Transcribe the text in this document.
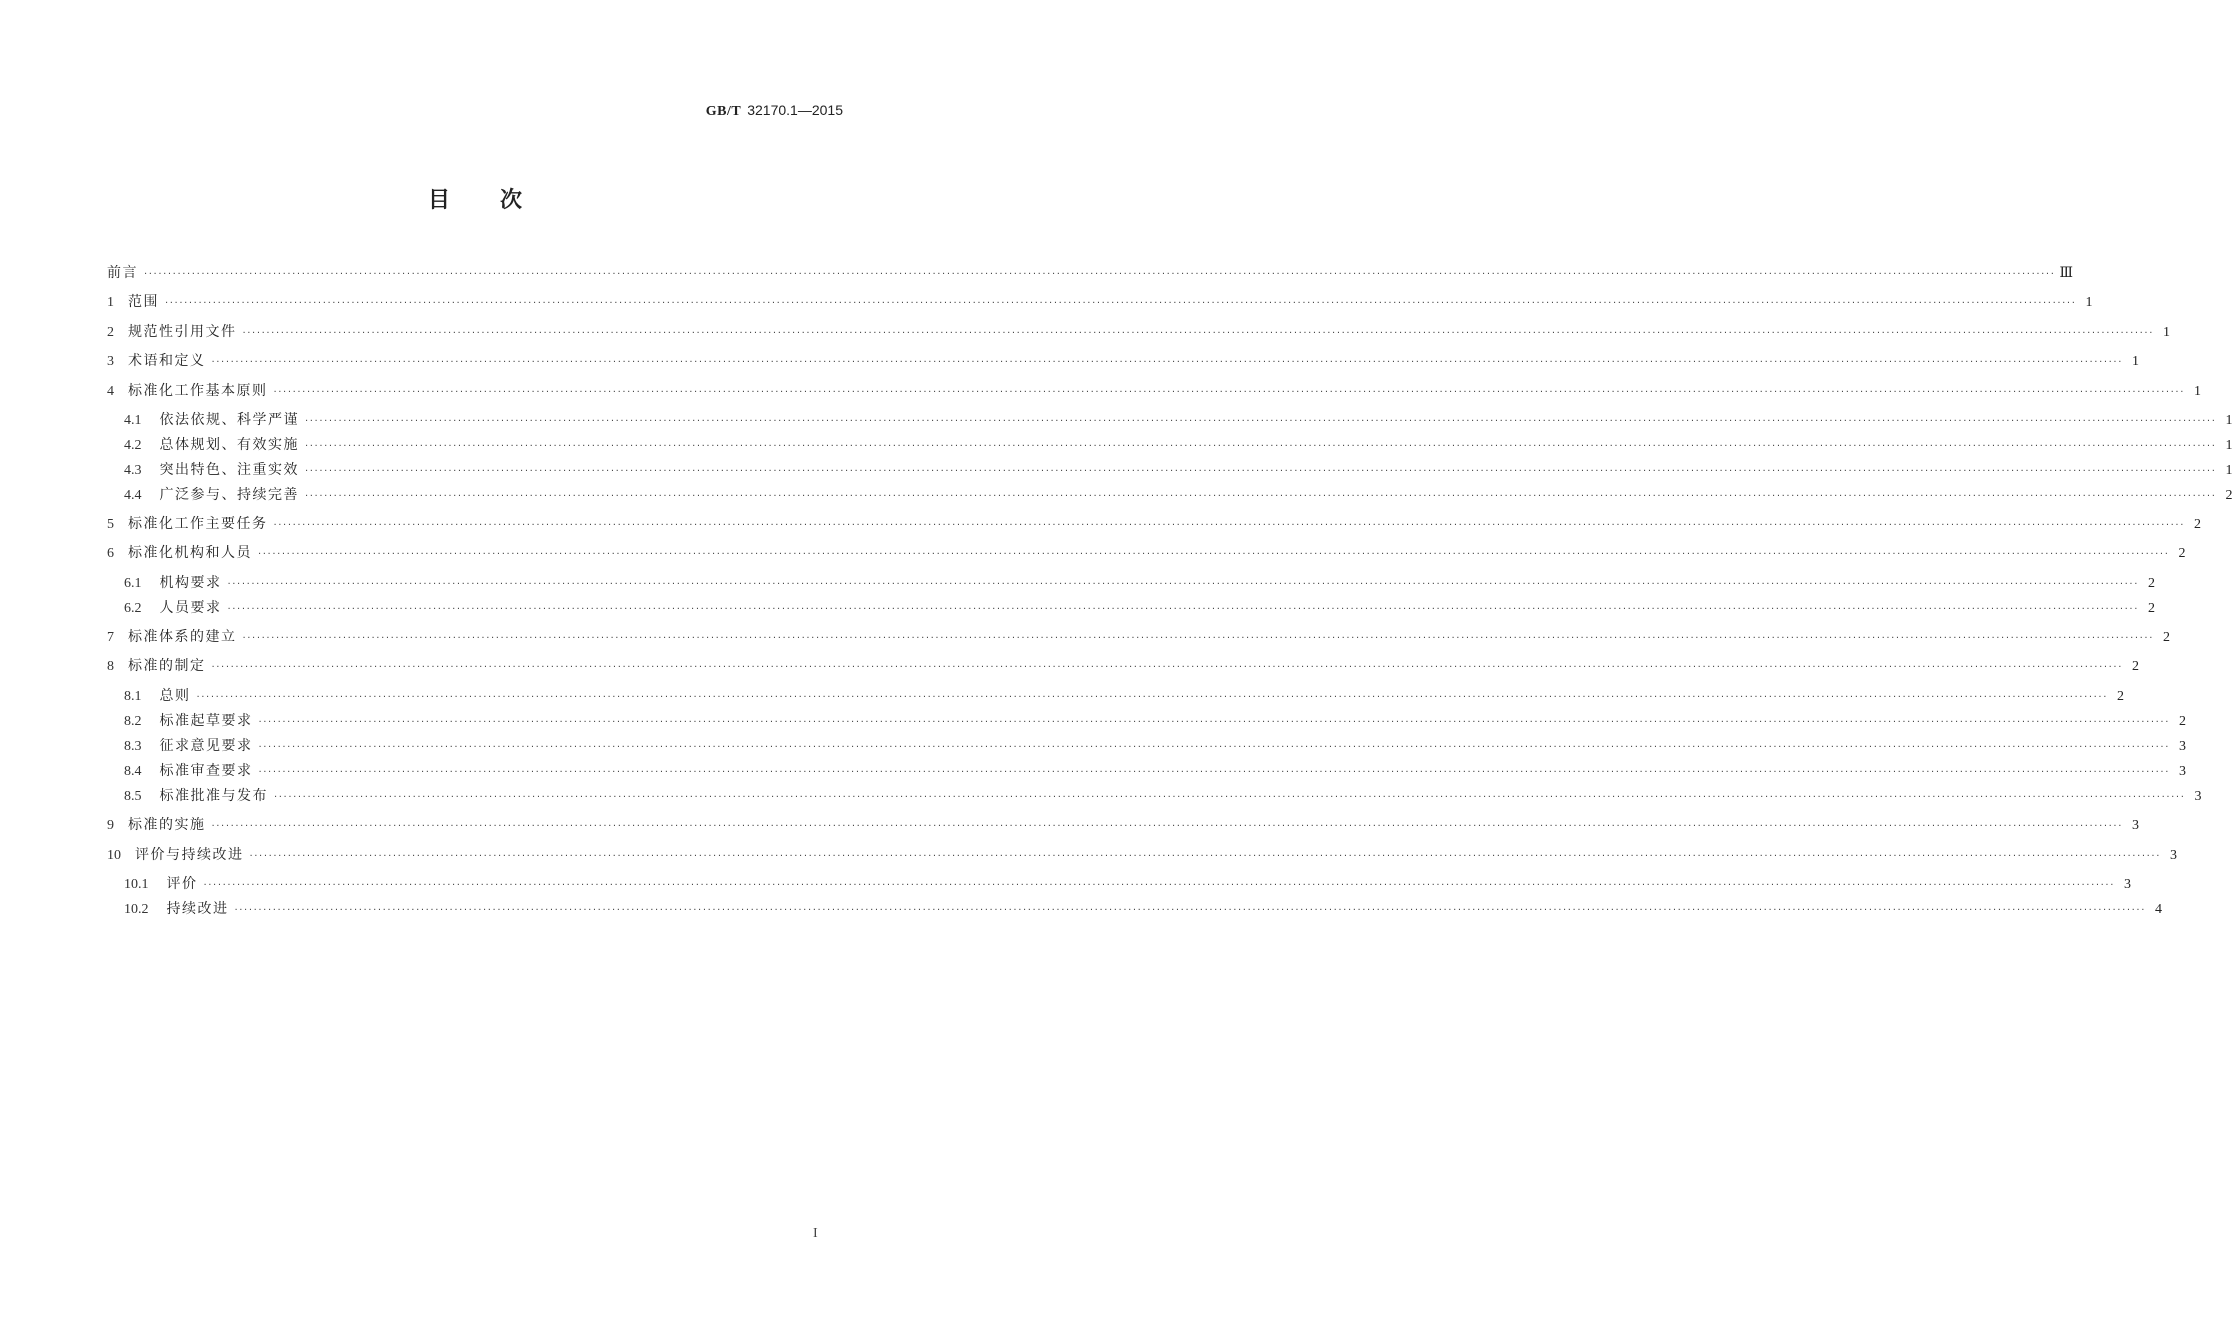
GB/T 32170.1—2015
目次
前言 ················································································································································································································································································································································································································ Ⅲ
1 范围 ················································································································································································································································································································································································································ 1
2 规范性引用文件 ················································································································································································································································································································································································································ 1
3 术语和定义 ················································································································································································································································································································································································································ 1
4 标准化工作基本原则 ················································································································································································································································································································································································································ 1
4.1 依法依规、科学严谨 ················································································································································································································································································································································································································ 1
4.2 总体规划、有效实施 ················································································································································································································································································································································································································ 1
4.3 突出特色、注重实效 ················································································································································································································································································································································································································ 1
4.4 广泛参与、持续完善 ················································································································································································································································································································································································································ 2
5 标准化工作主要任务 ················································································································································································································································································································································································································ 2
6 标准化机构和人员 ················································································································································································································································································································································································································ 2
6.1 机构要求 ················································································································································································································································································································································································································ 2
6.2 人员要求 ················································································································································································································································································································································································································ 2
7 标准体系的建立 ················································································································································································································································································································································································································ 2
8 标准的制定 ················································································································································································································································································································································································································ 2
8.1 总则 ················································································································································································································································································································································································································ 2
8.2 标准起草要求 ················································································································································································································································································································································································································ 2
8.3 征求意见要求 ················································································································································································································································································································································································································ 3
8.4 标准审查要求 ················································································································································································································································································································································································································ 3
8.5 标准批准与发布 ················································································································································································································································································································································································································ 3
9 标准的实施 ················································································································································································································································································································································································································ 3
10 评价与持续改进 ················································································································································································································································································································································································································ 3
10.1 评价 ················································································································································································································································································································································································································ 3
10.2 持续改进 ················································································································································································································································································································································································································ 4
I
